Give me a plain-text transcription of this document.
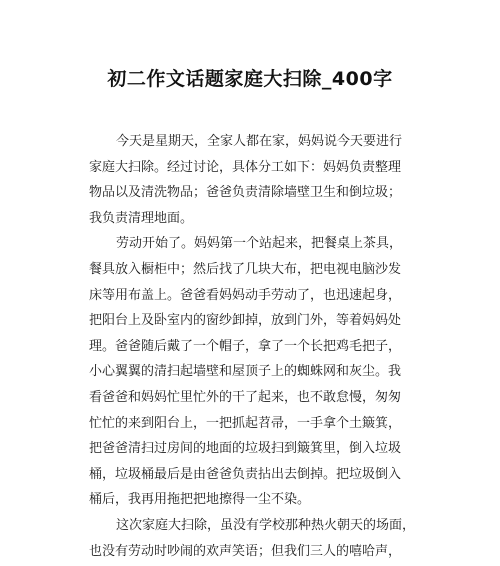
初二作文话题家庭大扫除_400字
今天是星期天，全家人都在家，妈妈说今天要进行
家庭大扫除。经过讨论，具体分工如下：妈妈负责整理
物品以及清洗物品；爸爸负责清除墙壁卫生和倒垃圾；
我负责清理地面。
劳动开始了。妈妈第一个站起来，把餐桌上茶具，
餐具放入橱柜中；然后找了几块大布，把电视电脑沙发
床等用布盖上。爸爸看妈妈动手劳动了，也迅速起身，
把阳台上及卧室内的窗纱卸掉，放到门外，等着妈妈处
理。爸爸随后戴了一个帽子，拿了一个长把鸡毛把子，
小心翼翼的清扫起墙壁和屋顶子上的蜘蛛网和灰尘。我
看爸爸和妈妈忙里忙外的干了起来，也不敢怠慢，匆匆
忙忙的来到阳台上，一把抓起苕帚，一手拿个土簸箕，
把爸爸清扫过房间的地面的垃圾扫到簸箕里，倒入垃圾
桶，垃圾桶最后是由爸爸负责拈出去倒掉。把垃圾倒入
桶后，我再用拖把把地擦得一尘不染。
这次家庭大扫除，虽没有学校那种热火朝天的场面，
也没有劳动时吵闹的欢声笑语；但我们三人的嘻哈声，
